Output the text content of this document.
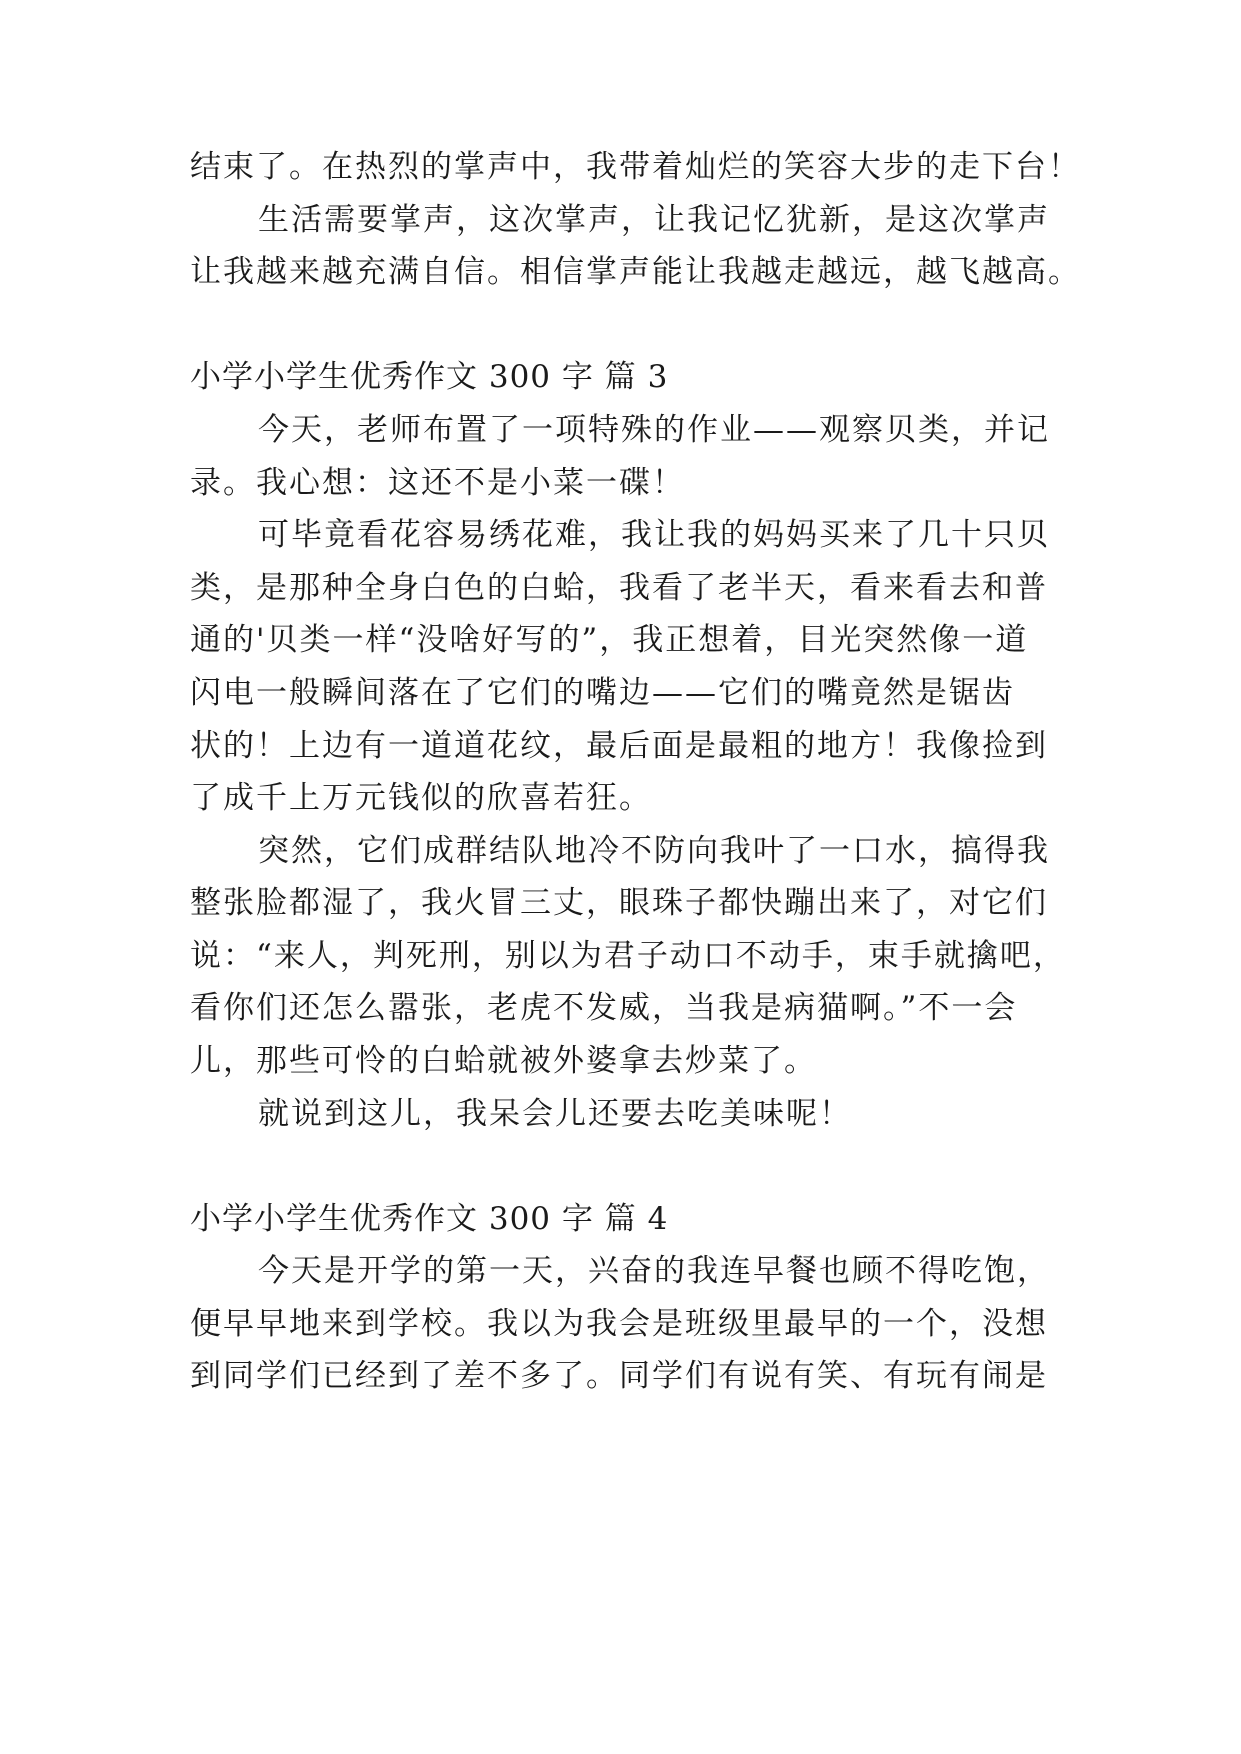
结束了。在热烈的掌声中，我带着灿烂的笑容大步的走下台！
生活需要掌声，这次掌声，让我记忆犹新，是这次掌声
让我越来越充满自信。相信掌声能让我越走越远，越飞越高。
小学小学生优秀作文 300 字 篇 3
今天，老师布置了一项特殊的作业——观察贝类，并记
录。我心想：这还不是小菜一碟！
可毕竟看花容易绣花难，我让我的妈妈买来了几十只贝
类，是那种全身白色的白蛤，我看了老半天，看来看去和普
通的'贝类一样“没啥好写的”，我正想着，目光突然像一道
闪电一般瞬间落在了它们的嘴边——它们的嘴竟然是锯齿
状的！上边有一道道花纹，最后面是最粗的地方！我像捡到
了成千上万元钱似的欣喜若狂。
突然，它们成群结队地冷不防向我叶了一口水，搞得我
整张脸都湿了，我火冒三丈，眼珠子都快蹦出来了，对它们
说：“来人，判死刑，别以为君子动口不动手，束手就擒吧，
看你们还怎么嚣张，老虎不发威，当我是病猫啊。”不一会
儿，那些可怜的白蛤就被外婆拿去炒菜了。
就说到这儿，我呆会儿还要去吃美味呢！
小学小学生优秀作文 300 字 篇 4
今天是开学的第一天，兴奋的我连早餐也顾不得吃饱，
便早早地来到学校。我以为我会是班级里最早的一个，没想
到同学们已经到了差不多了。同学们有说有笑、有玩有闹是
